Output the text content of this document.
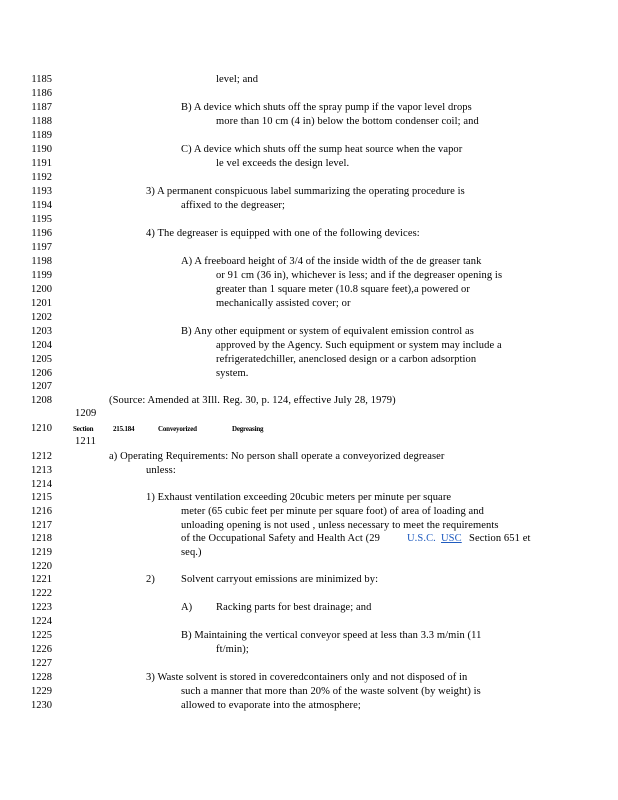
1185	level; and
1186
1187	B) A device which shuts off the spray pump if the vapor level drops
1188	more than 10 cm (4 in) below the bottom condenser coil; and
1189
1190	C) A device which shuts off the sump heat source when the vapor
1191	le vel exceeds the design level.
1192
1193	3) A permanent conspicuous label summarizing the operating procedure is
1194	affixed to the degreaser;
1195
1196	4) The degreaser is equipped with one of the following devices:
1197
1198	A) A freeboard height of 3/4 of the inside width of the de greaser tank
1199	or 91 cm (36 in), whichever is less; and if the degreaser opening is
1200	greater than 1 square meter (10.8 square feet),a powered or
1201	mechanically assisted cover; or
1202
1203	B) Any other equipment or system of equivalent emission control as
1204	approved by the Agency. Such equipment or system may include a
1205	refrigeratedchiller, anenclosed design or a carbon adsorption
1206	system.
1207
1208	(Source: Amended at 3Ill. Reg. 30, p. 124, effective July 28, 1979)
1210
1212	a) Operating Requirements: No person shall operate a conveyorized degreaser
1213	unless:
1214
1215	1) Exhaust ventilation exceeding 20cubic meters per minute per square
1216	meter (65 cubic feet per minute per square foot) of area of loading and
1217	unloading opening is not used , unless necessary to meet the requirements
1218	of the Occupational Safety and Health Act (29
1219	seq.)
1220
1221	2)
1222
1223	A)
1224
1225	B) Maintaining the vertical conveyor speed at less than 3.3 m/min (11
1226	ft/min);
1227
1228	3) Waste solvent is stored in coveredcontainers only and not disposed of in
1229	such a manner that more than 20% of the waste solvent (by weight) is
1230	allowed to evaporate into the atmosphere;
1209
Section	215.184	Conveyorized	Degreasing
1211
U.S.C. USC Section 651 et
Solvent carryout emissions are minimized by:
Racking parts for best drainage; and
